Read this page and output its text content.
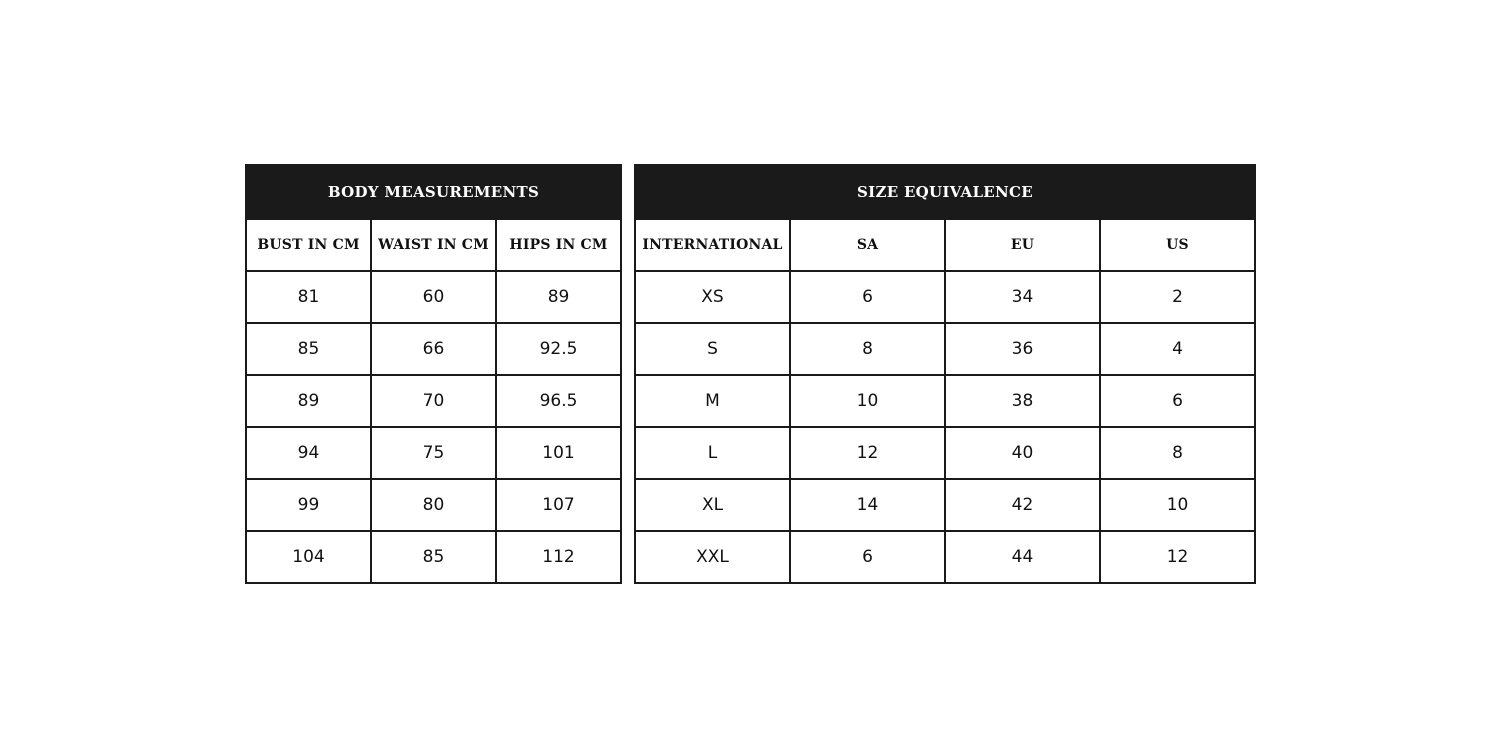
BODY MEASUREMENTS		
BUST IN CM	WAIST IN CM	HIPS IN CM
81	60	89
85	66	92.5
89	70	96.5
94	75	101
99	80	107
104	85	112
SIZE EQUIVALENCE			
INTERNATIONAL	SA	EU	US
XS	6	34	2
S	8	36	4
M	10	38	6
L	12	40	8
XL	14	42	10
XXL	6	44	12
